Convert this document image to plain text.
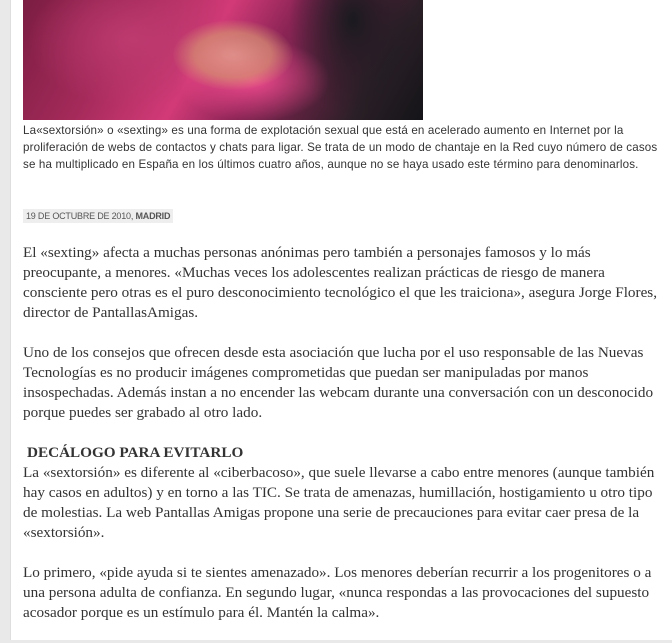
La«sextorsión» o «sexting» es una forma de explotación sexual que está en acelerado aumento en Internet por la proliferación de webs de contactos y chats para ligar. Se trata de un modo de chantaje en la Red cuyo número de casos se ha multiplicado en España en los últimos cuatro años, aunque no se haya usado este término para denominarlos.
19 DE OCTUBRE DE 2010, MADRID

El «sexting» afecta a muchas personas anónimas pero también a personajes famosos y lo más preocupante, a menores. «Muchas veces los adolescentes realizan prácticas de riesgo de manera consciente pero otras es el puro desconocimiento tecnológico el que les traiciona», asegura Jorge Flores, director de PantallasAmigas.

Uno de los consejos que ofrecen desde esta asociación que lucha por el uso responsable de las Nuevas Tecnologías es no producir imágenes comprometidas que puedan ser manipuladas por manos insospechadas. Además instan a no encender las webcam durante una conversación con un desconocido porque puedes ser grabado al otro lado.

DECÁLOGO PARA EVITARLO

La «sextorsión» es diferente al «ciberbacoso», que suele llevarse a cabo entre menores (aunque también hay casos en adultos) y en torno a las TIC. Se trata de amenazas, humillación, hostigamiento u otro tipo de molestias. La web Pantallas Amigas propone una serie de precauciones para evitar caer presa de la «sextorsión».

Lo primero, «pide ayuda si te sientes amenazado». Los menores deberían recurrir a los progenitores o a una persona adulta de confianza. En segundo lugar, «nunca respondas a las provocaciones del supuesto acosador porque es un estímulo para él. Mantén la calma».
